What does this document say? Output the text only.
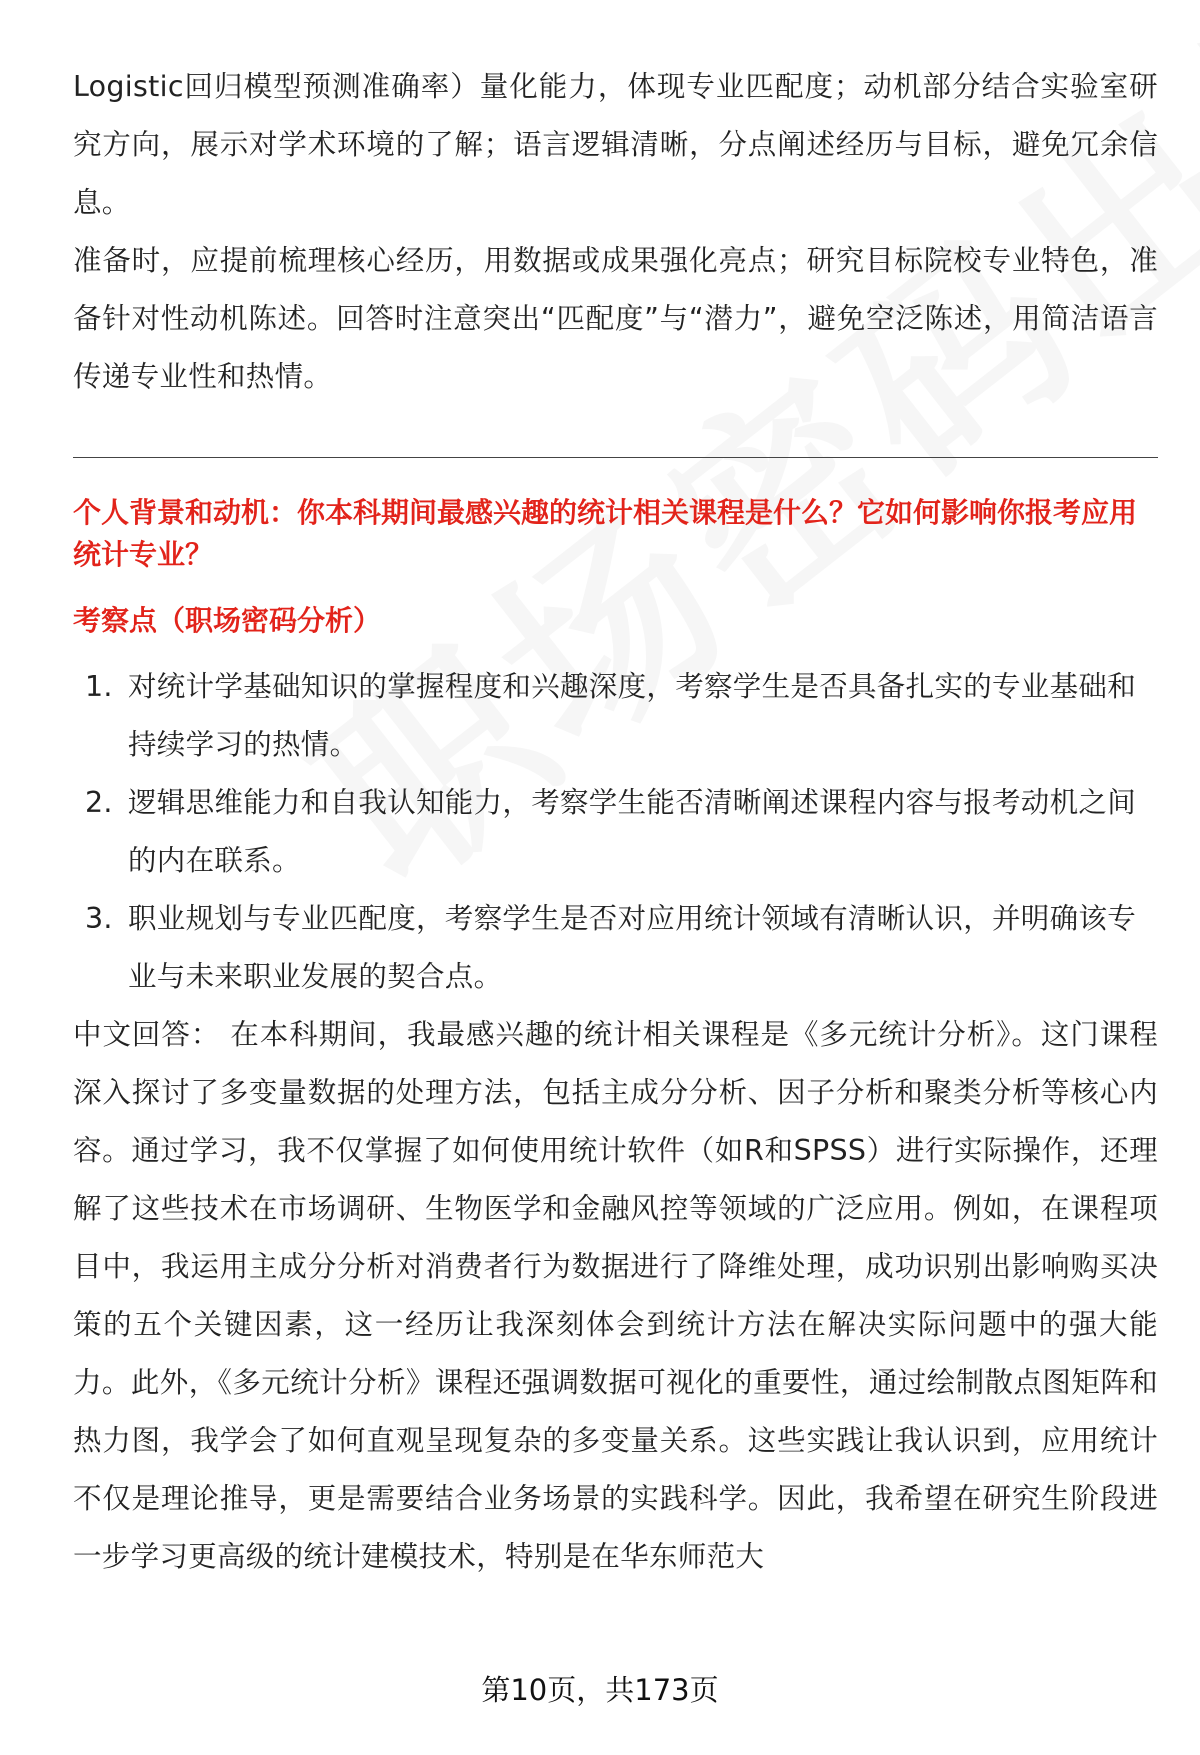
Logistic回归模型预测准确率）量化能力，体现专业匹配度；动机部分结合实验室研究方向，展示对学术环境的了解；语言逻辑清晰，分点阐述经历与目标，避免冗余信息。

准备时，应提前梳理核心经历，用数据或成果强化亮点；研究目标院校专业特色，准备针对性动机陈述。回答时注意突出“匹配度”与“潜力”，避免空泛陈述，用简洁语言传递专业性和热情。

个人背景和动机：你本科期间最感兴趣的统计相关课程是什么？它如何影响你报考应用统计专业？
考察点（职场密码分析）
1. 对统计学基础知识的掌握程度和兴趣深度，考察学生是否具备扎实的专业基础和持续学习的热情。
2. 逻辑思维能力和自我认知能力，考察学生能否清晰阐述课程内容与报考动机之间的内在联系。
3. 职业规划与专业匹配度，考察学生是否对应用统计领域有清晰认识，并明确该专业与未来职业发展的契合点。

中文回答： 在本科期间，我最感兴趣的统计相关课程是《多元统计分析》。这门课程深入探讨了多变量数据的处理方法，包括主成分分析、因子分析和聚类分析等核心内容。通过学习，我不仅掌握了如何使用统计软件（如R和SPSS）进行实际操作，还理解了这些技术在市场调研、生物医学和金融风控等领域的广泛应用。例如，在课程项目中，我运用主成分分析对消费者行为数据进行了降维处理，成功识别出影响购买决策的五个关键因素，这一经历让我深刻体会到统计方法在解决实际问题中的强大能力。此外，《多元统计分析》课程还强调数据可视化的重要性，通过绘制散点图矩阵和热力图，我学会了如何直观呈现复杂的多变量关系。这些实践让我认识到，应用统计不仅是理论推导，更是需要结合业务场景的实践科学。因此，我希望在研究生阶段进一步学习更高级的统计建模技术，特别是在华东师范大

第10页，共173页
